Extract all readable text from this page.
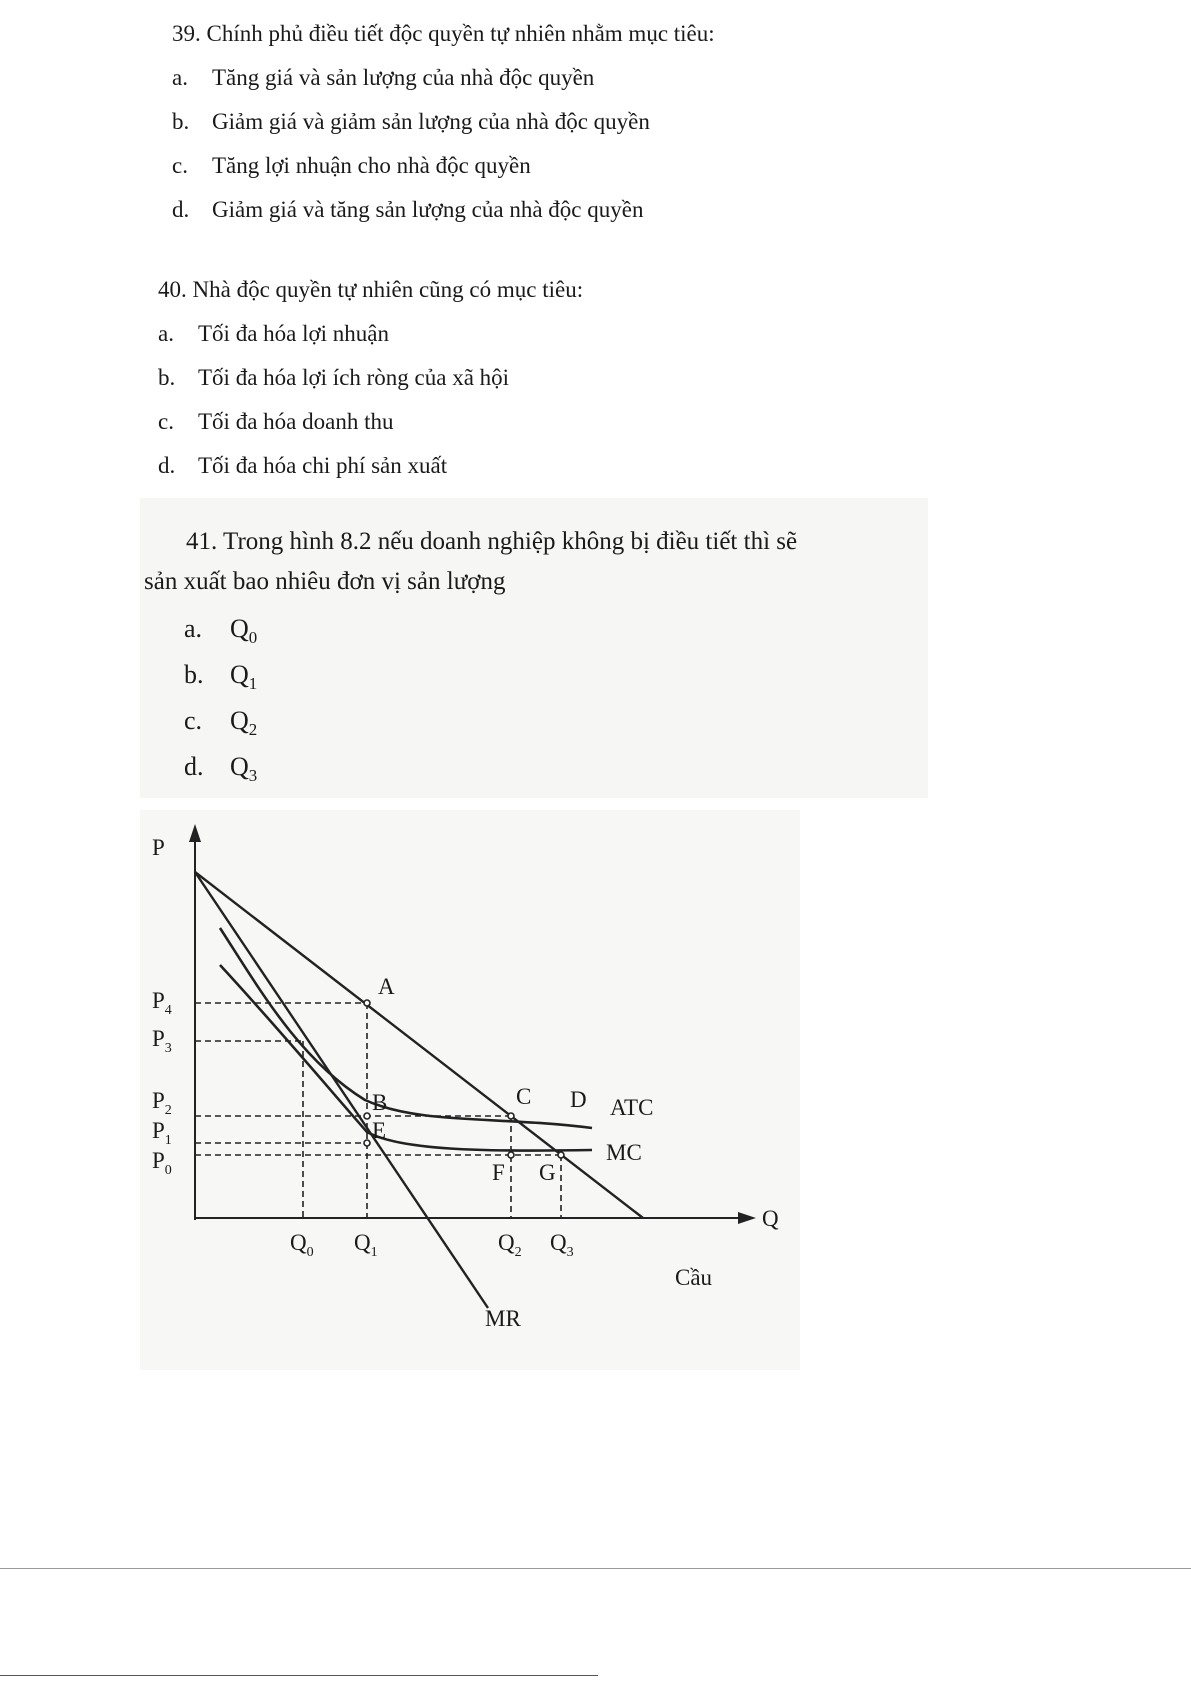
39. Chính phủ điều tiết độc quyền tự nhiên nhằm mục tiêu:
a. Tăng giá và sản lượng của nhà độc quyền
b. Giảm giá và giảm sản lượng của nhà độc quyền
c. Tăng lợi nhuận cho nhà độc quyền
d. Giảm giá và tăng sản lượng của nhà độc quyền
40. Nhà độc quyền tự nhiên cũng có mục tiêu:
a. Tối đa hóa lợi nhuận
b. Tối đa hóa lợi ích ròng của xã hội
c. Tối đa hóa doanh thu
d. Tối đa hóa chi phí sản xuất
41. Trong hình 8.2 nếu doanh nghiệp không bị điều tiết thì sẽ
sản xuất bao nhiêu đơn vị sản lượng
a. $Q_0$
b. $Q_1$
c. $Q_2$
d. $Q_3$
P
Q
$P_4$
$P_3$
$P_2$
$P_1$
$P_0$
$Q_0$ $Q_1$	$Q_2$ $Q_3$
A
B	C D
E
F G
ATC
MC
Cầu
MR
